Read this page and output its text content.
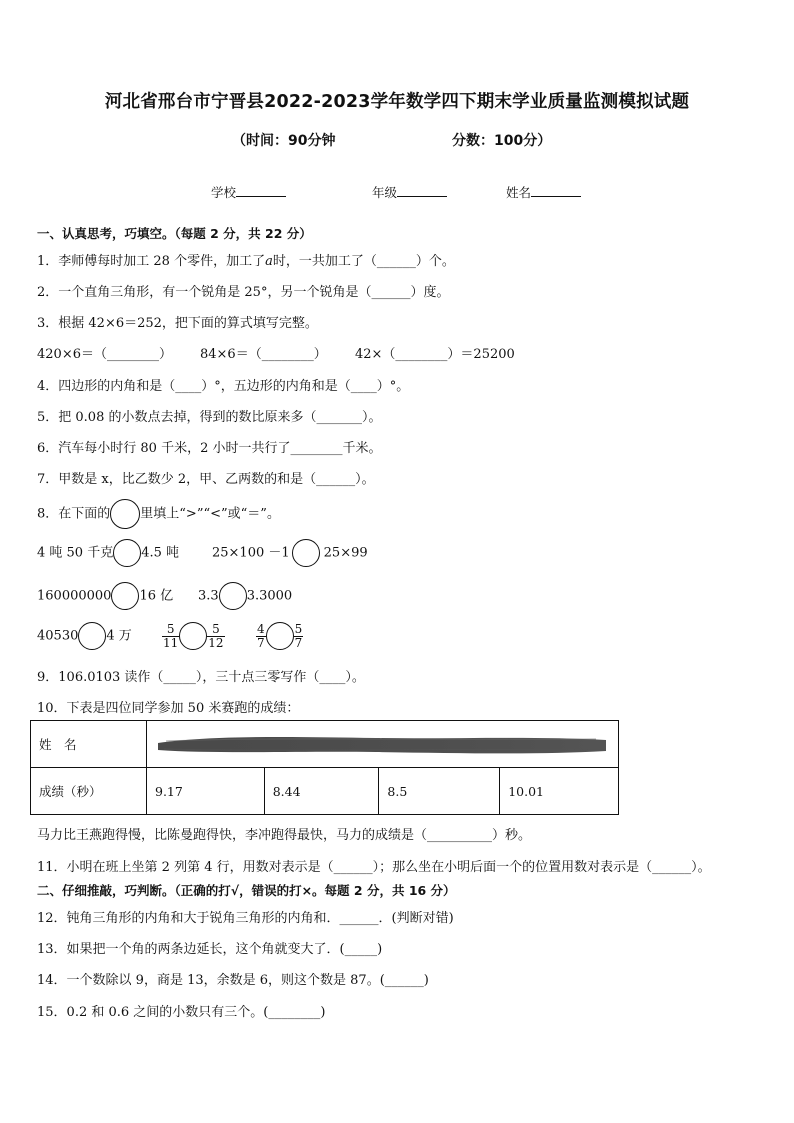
河北省邢台市宁晋县2022-2023学年数学四下期末学业质量监测模拟试题
（时间：90分钟	分数：100分）
学校	年级	姓名
一、认真思考，巧填空。（每题 2 分，共 22 分）
1．李师傅每时加工 28 个零件，加工了a时，一共加工了（______）个。
2．一个直角三角形，有一个锐角是 25°，另一个锐角是（______）度。
3．根据 42×6＝252，把下面的算式填写完整。
420×6＝（________） 84×6＝（________） 42×（________）＝25200
4．四边形的内角和是（____）°，五边形的内角和是（____）°。
5．把 0.08 的小数点去掉，得到的数比原来多（_______）。
6．汽车每小时行 80 千米，2 小时一共行了________千米。
7．甲数是 x，比乙数少 2，甲、乙两数的和是（______）。
8．在下面的 里填上“>”“<”或“＝”。
4 吨 50 千克 4.5 吨	25×100 －1	25×99
160000000 16 亿 3.3 3.3000
40530 4 万	$\frac{5}{11} \frac{5}{12}$	$\frac{4}{7} \frac{5}{7}$
9．106.0103 读作（_____），三十点三零写作（____）。
10．下表是四位同学参加 50 米赛跑的成绩：
姓　名				
成绩（秒）	9.17	8.44	8.5	10.01
马力比王燕跑得慢，比陈曼跑得快，李冲跑得最快，马力的成绩是（__________）秒。
11．小明在班上坐第 2 列第 4 行，用数对表示是（______）；那么坐在小明后面一个的位置用数对表示是（______）。
二、仔细推敲，巧判断。（正确的打√，错误的打×。每题 2 分，共 16 分）
12．钝角三角形的内角和大于锐角三角形的内角和．______．(判断对错)
13．如果把一个角的两条边延长，这个角就变大了．(_____)
14．一个数除以 9，商是 13，余数是 6，则这个数是 87。(______)
15．0.2 和 0.6 之间的小数只有三个。(________)
